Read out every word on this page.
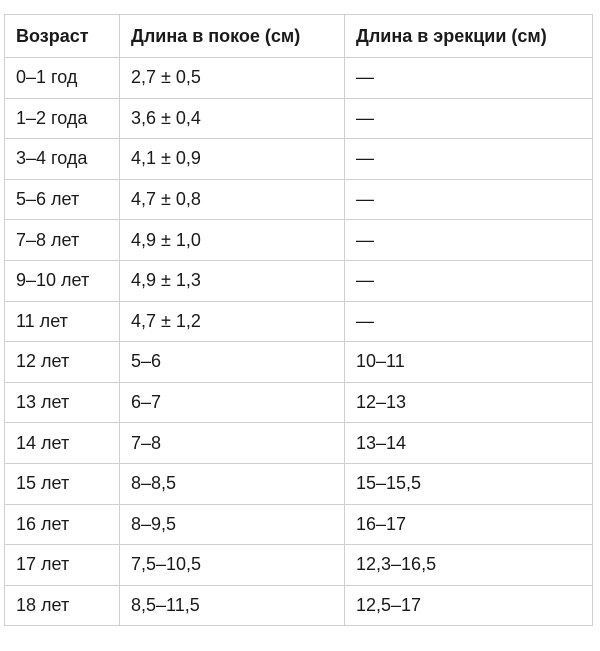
Возраст	Длина в покое (см)	Длина в эрекции (см)
0–1 год	2,7 ± 0,5	—
1–2 года	3,6 ± 0,4	—
3–4 года	4,1 ± 0,9	—
5–6 лет	4,7 ± 0,8	—
7–8 лет	4,9 ± 1,0	—
9–10 лет	4,9 ± 1,3	—
11 лет	4,7 ± 1,2	—
12 лет	5–6	10–11
13 лет	6–7	12–13
14 лет	7–8	13–14
15 лет	8–8,5	15–15,5
16 лет	8–9,5	16–17
17 лет	7,5–10,5	12,3–16,5
18 лет	8,5–11,5	12,5–17
